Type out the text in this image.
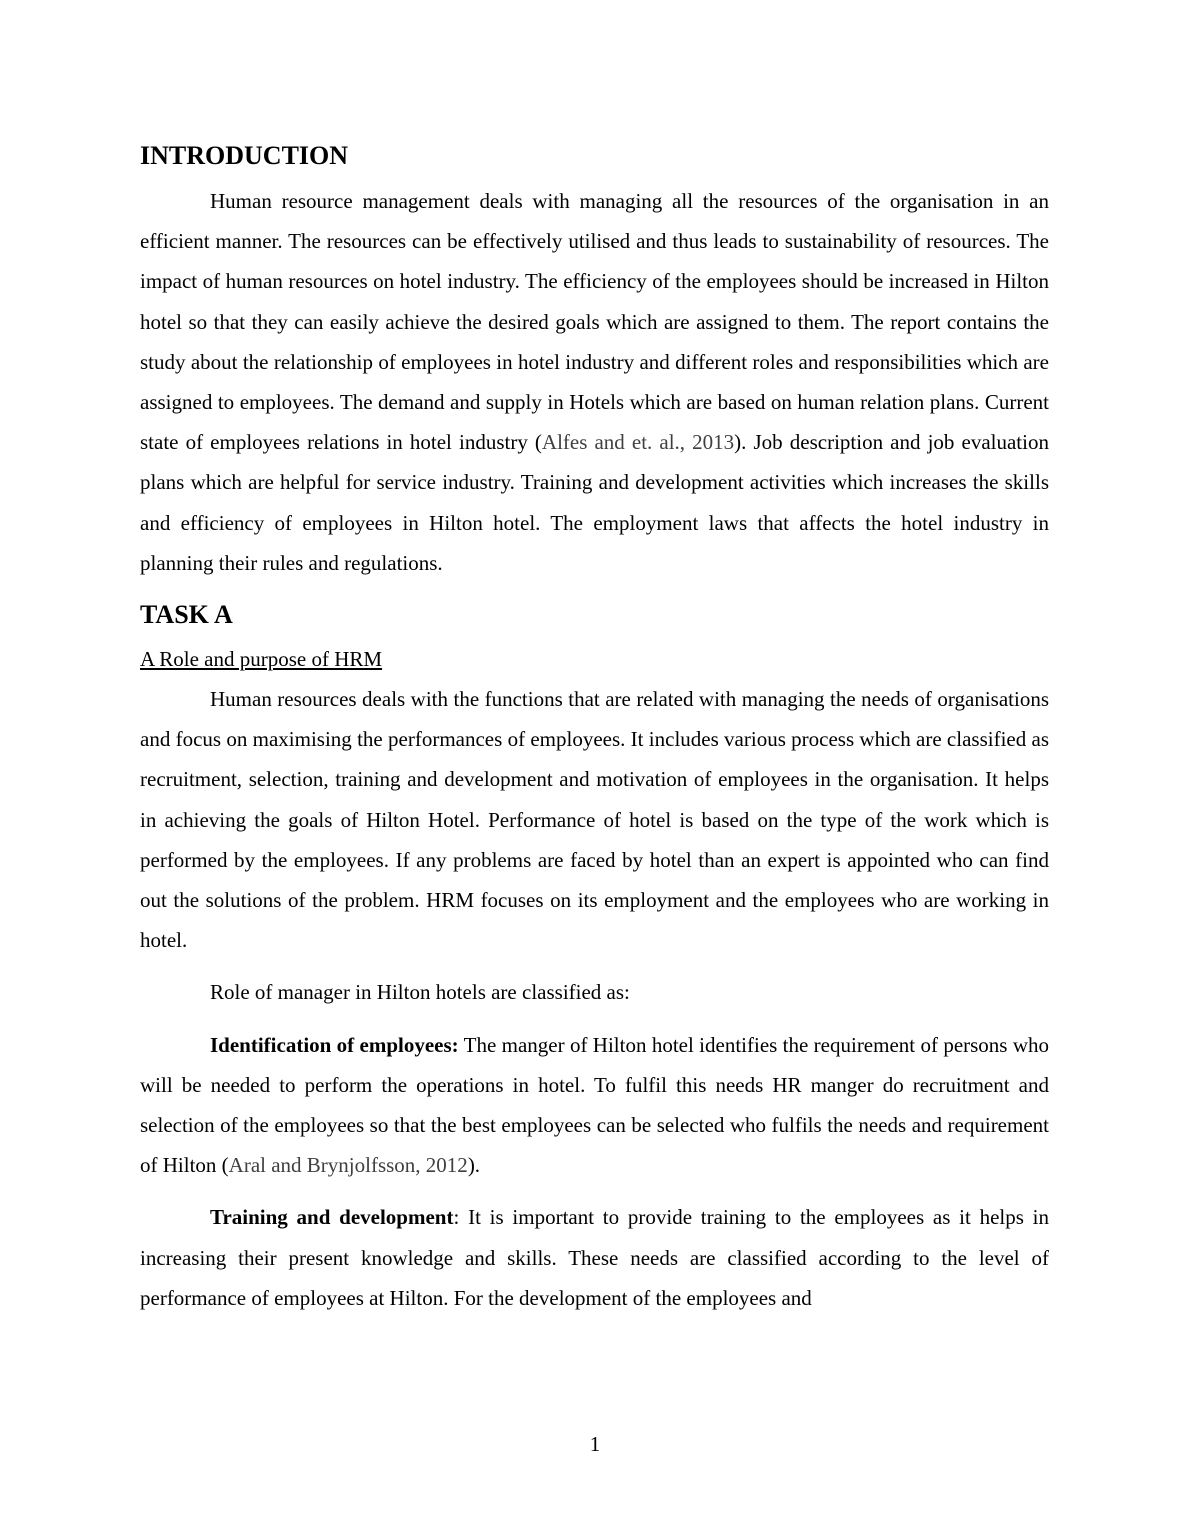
INTRODUCTION

Human resource management deals with managing all the resources of the organisation in an efficient manner. The resources can be effectively utilised and thus leads to sustainability of resources. The impact of human resources on hotel industry. The efficiency of the employees should be increased in Hilton hotel so that they can easily achieve the desired goals which are assigned to them. The report contains the study about the relationship of employees in hotel industry and different roles and responsibilities which are assigned to employees. The demand and supply in Hotels which are based on human relation plans. Current state of employees relations in hotel industry (Alfes and et. al., 2013). Job description and job evaluation plans which are helpful for service industry. Training and development activities which increases the skills and efficiency of employees in Hilton hotel. The employment laws that affects the hotel industry in planning their rules and regulations.

TASK A

A Role and purpose of HRM

Human resources deals with the functions that are related with managing the needs of organisations and focus on maximising the performances of employees. It includes various process which are classified as recruitment, selection, training and development and motivation of employees in the organisation. It helps in achieving the goals of Hilton Hotel. Performance of hotel is based on the type of the work which is performed by the employees. If any problems are faced by hotel than an expert is appointed who can find out the solutions of the problem. HRM focuses on its employment and the employees who are working in hotel.

Role of manager in Hilton hotels are classified as:

Identification of employees: The manger of Hilton hotel identifies the requirement of persons who will be needed to perform the operations in hotel. To fulfil this needs HR manger do recruitment and selection of the employees so that the best employees can be selected who fulfils the needs and requirement of Hilton (Aral and Brynjolfsson, 2012).

Training and development: It is important to provide training to the employees as it helps in increasing their present knowledge and skills. These needs are classified according to the level of performance of employees at Hilton. For the development of the employees and

1
